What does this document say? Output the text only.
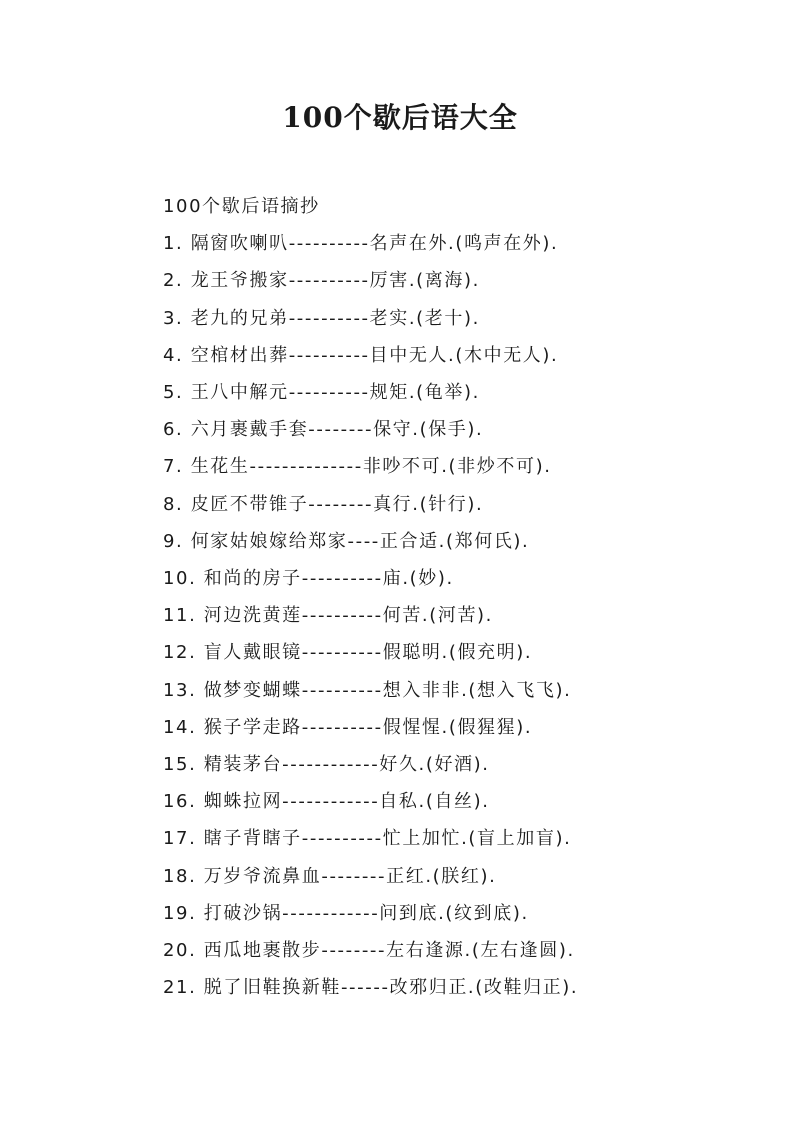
100个歇后语大全
100个歇后语摘抄
1. 隔窗吹喇叭----------名声在外.(鸣声在外).
2. 龙王爷搬家----------厉害.(离海).
3. 老九的兄弟----------老实.(老十).
4. 空棺材出葬----------目中无人.(木中无人).
5. 王八中解元----------规矩.(龟举).
6. 六月裹戴手套--------保守.(保手).
7. 生花生--------------非吵不可.(非炒不可).
8. 皮匠不带锥子--------真行.(针行).
9. 何家姑娘嫁给郑家----正合适.(郑何氏).
10. 和尚的房子----------庙.(妙).
11. 河边洗黄莲----------何苦.(河苦).
12. 盲人戴眼镜----------假聪明.(假充明).
13. 做梦变蝴蝶----------想入非非.(想入飞飞).
14. 猴子学走路----------假惺惺.(假猩猩).
15. 精装茅台------------好久.(好酒).
16. 蜘蛛拉网------------自私.(自丝).
17. 瞎子背瞎子----------忙上加忙.(盲上加盲).
18. 万岁爷流鼻血--------正红.(朕红).
19. 打破沙锅------------问到底.(纹到底).
20. 西瓜地裹散步--------左右逢源.(左右逢圆).
21. 脱了旧鞋换新鞋------改邪归正.(改鞋归正).
